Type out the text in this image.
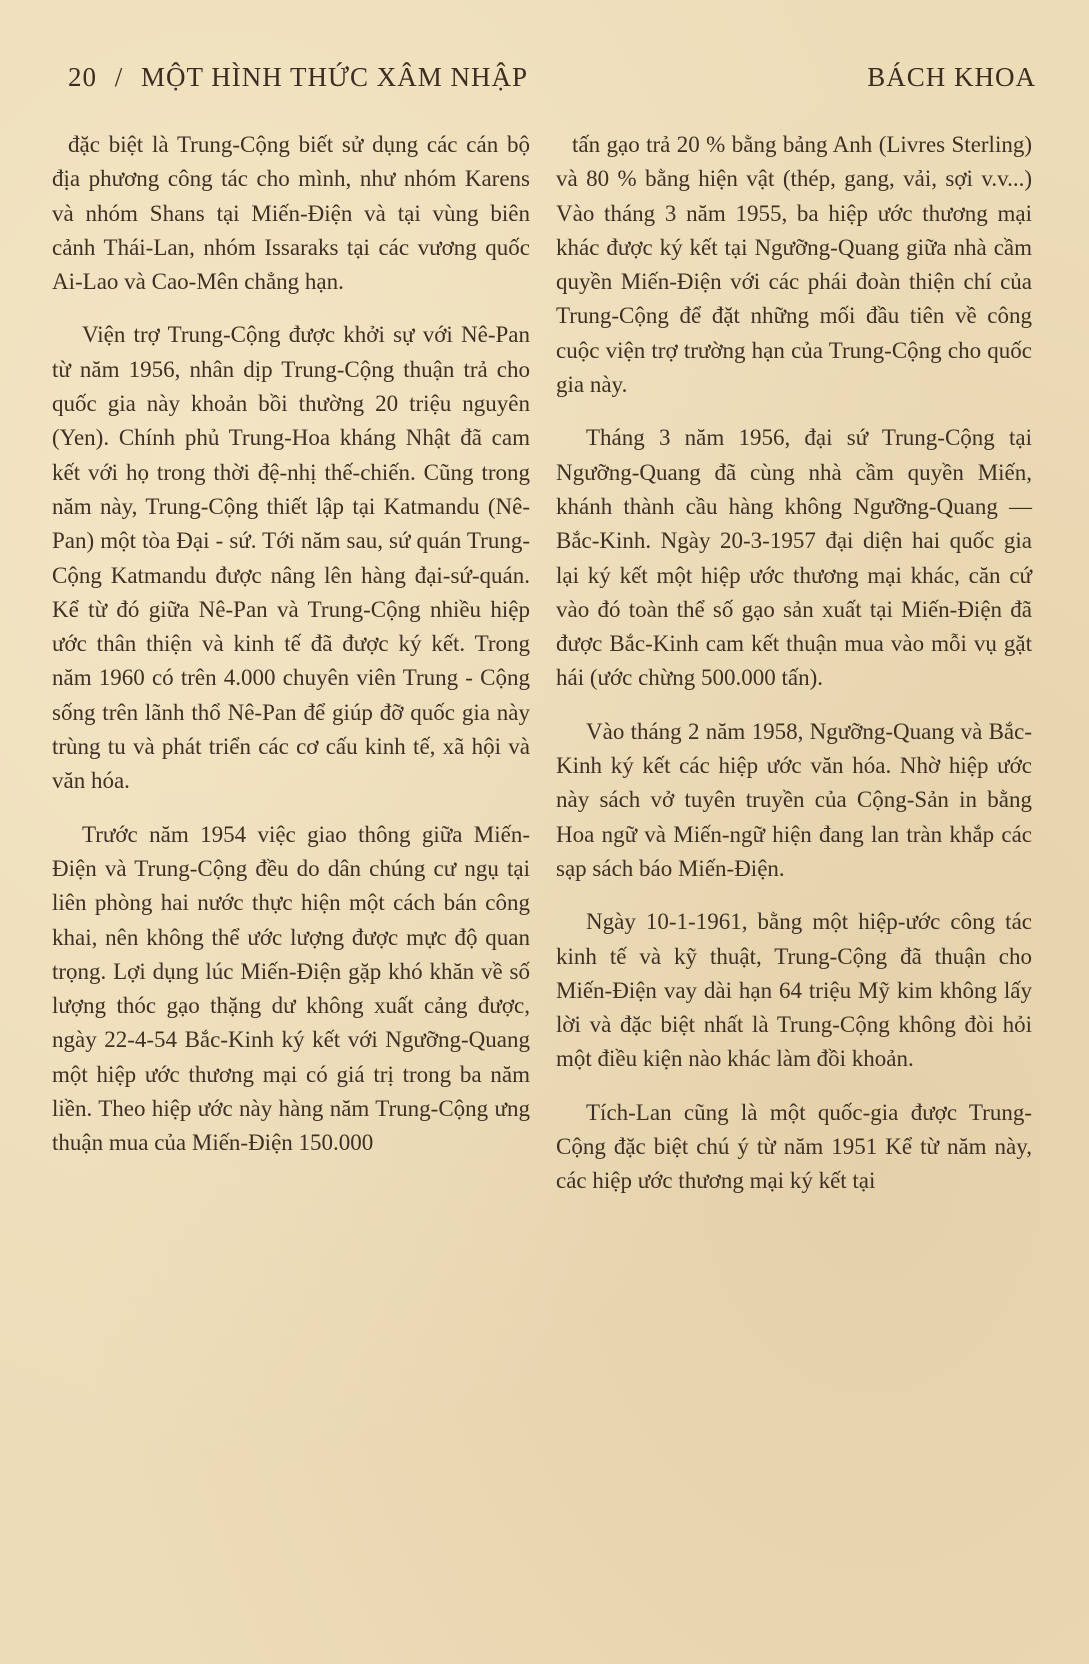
20 / MỘT HÌNH THỨC XÂM NHẬP	BÁCH KHOA

đặc biệt là Trung-Cộng biết sử dụng các cán bộ địa phương công tác cho mình, như nhóm Karens và nhóm Shans tại Miến-Điện và tại vùng biên cảnh Thái-Lan, nhóm Issaraks tại các vương quốc Ai-Lao và Cao-Mên chẳng hạn.

Viện trợ Trung-Cộng được khởi sự với Nê-Pan từ năm 1956, nhân dịp Trung-Cộng thuận trả cho quốc gia này khoản bồi thường 20 triệu nguyên (Yen). Chính phủ Trung-Hoa kháng Nhật đã cam kết với họ trong thời đệ-nhị thế-chiến. Cũng trong năm này, Trung-Cộng thiết lập tại Katmandu (Nê-Pan) một tòa Đại - sứ. Tới năm sau, sứ quán Trung-Cộng Katmandu được nâng lên hàng đại-sứ-quán. Kể từ đó giữa Nê-Pan và Trung-Cộng nhiều hiệp ước thân thiện và kinh tế đã được ký kết. Trong năm 1960 có trên 4.000 chuyên viên Trung - Cộng sống trên lãnh thổ Nê-Pan để giúp đỡ quốc gia này trùng tu và phát triển các cơ cấu kinh tế, xã hội và văn hóa.

Trước năm 1954 việc giao thông giữa Miến-Điện và Trung-Cộng đều do dân chúng cư ngụ tại liên phòng hai nước thực hiện một cách bán công khai, nên không thể ước lượng được mực độ quan trọng. Lợi dụng lúc Miến-Điện gặp khó khăn về số lượng thóc gạo thặng dư không xuất cảng được, ngày 22-4-54 Bắc-Kinh ký kết với Ngưỡng-Quang một hiệp ước thương mại có giá trị trong ba năm liền. Theo hiệp ước này hàng năm Trung-Cộng ưng thuận mua của Miến-Điện 150.000

tấn gạo trả 20 % bằng bảng Anh (Livres Sterling) và 80 % bằng hiện vật (thép, gang, vải, sợi v.v...) Vào tháng 3 năm 1955, ba hiệp ước thương mại khác được ký kết tại Ngưỡng-Quang giữa nhà cầm quyền Miến-Điện với các phái đoàn thiện chí của Trung-Cộng để đặt những mối đầu tiên về công cuộc viện trợ trường hạn của Trung-Cộng cho quốc gia này.

Tháng 3 năm 1956, đại sứ Trung-Cộng tại Ngưỡng-Quang đã cùng nhà cầm quyền Miến, khánh thành cầu hàng không Ngưỡng-Quang — Bắc-Kinh. Ngày 20-3-1957 đại diện hai quốc gia lại ký kết một hiệp ước thương mại khác, căn cứ vào đó toàn thể số gạo sản xuất tại Miến-Điện đã được Bắc-Kinh cam kết thuận mua vào mỗi vụ gặt hái (ước chừng 500.000 tấn).

Vào tháng 2 năm 1958, Ngưỡng-Quang và Bắc-Kinh ký kết các hiệp ước văn hóa. Nhờ hiệp ước này sách vở tuyên truyền của Cộng-Sản in bằng Hoa ngữ và Miến-ngữ hiện đang lan tràn khắp các sạp sách báo Miến-Điện.

Ngày 10-1-1961, bằng một hiệp-ước công tác kinh tế và kỹ thuật, Trung-Cộng đã thuận cho Miến-Điện vay dài hạn 64 triệu Mỹ kim không lấy lời và đặc biệt nhất là Trung-Cộng không đòi hỏi một điều kiện nào khác làm đồi khoản.

Tích-Lan cũng là một quốc-gia được Trung-Cộng đặc biệt chú ý từ năm 1951 Kể từ năm này, các hiệp ước thương mại ký kết tại
